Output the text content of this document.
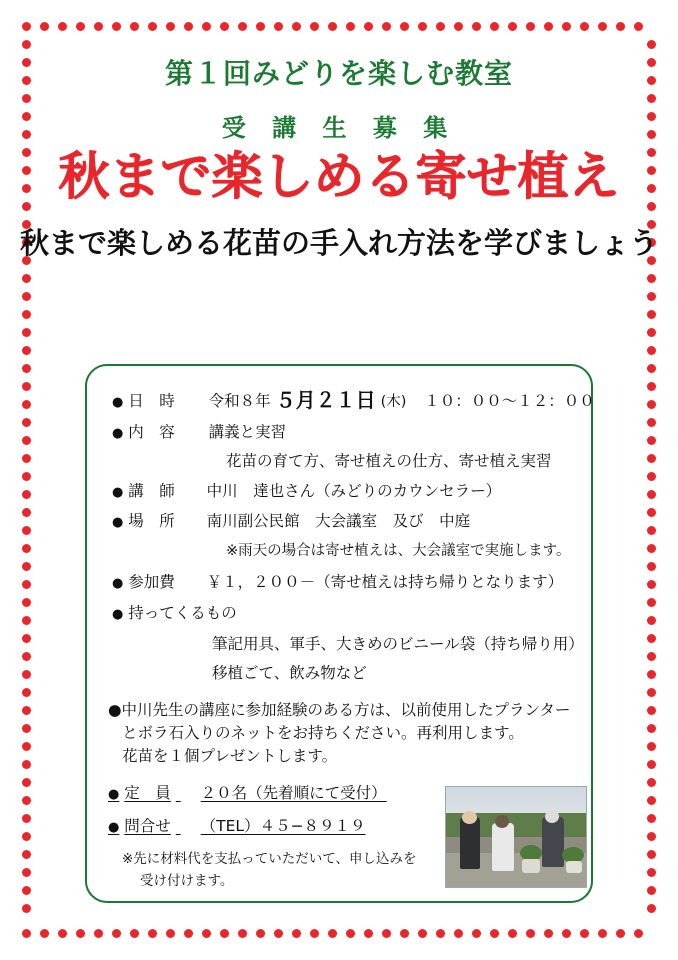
第１回みどりを楽しむ教室
受 講 生 募 集
秋まで楽しめる寄せ植え
秋まで楽しめる花苗の手入れ方法を学びましょう
● 日　時 令和８年 ５月２１日 (木) １０：００〜１２：００
● 内　容 講義と実習
花苗の育て方、寄せ植えの仕方、寄せ植え実習
● 講　師 中川　達也さん（みどりのカウンセラー）
● 場　所 南川副公民館　大会議室　及び　中庭
※雨天の場合は寄せ植えは、大会議室で実施します。
● 参加費 ￥１，２００－（寄せ植えは持ち帰りとなります）
● 持ってくるもの
筆記用具、軍手、大きめのビニール袋（持ち帰り用）
移植ごて、飲み物など
●中川先生の講座に参加経験のある方は、以前使用したプランター
とボラ石入りのネットをお持ちください。再利用します。
花苗を１個プレゼントします。
● 定　員 ２０名（先着順にて受付）
● 問合せ （TEL）４５−８９１９
※先に材料代を支払っていただいて、申し込みを
受け付けます。
